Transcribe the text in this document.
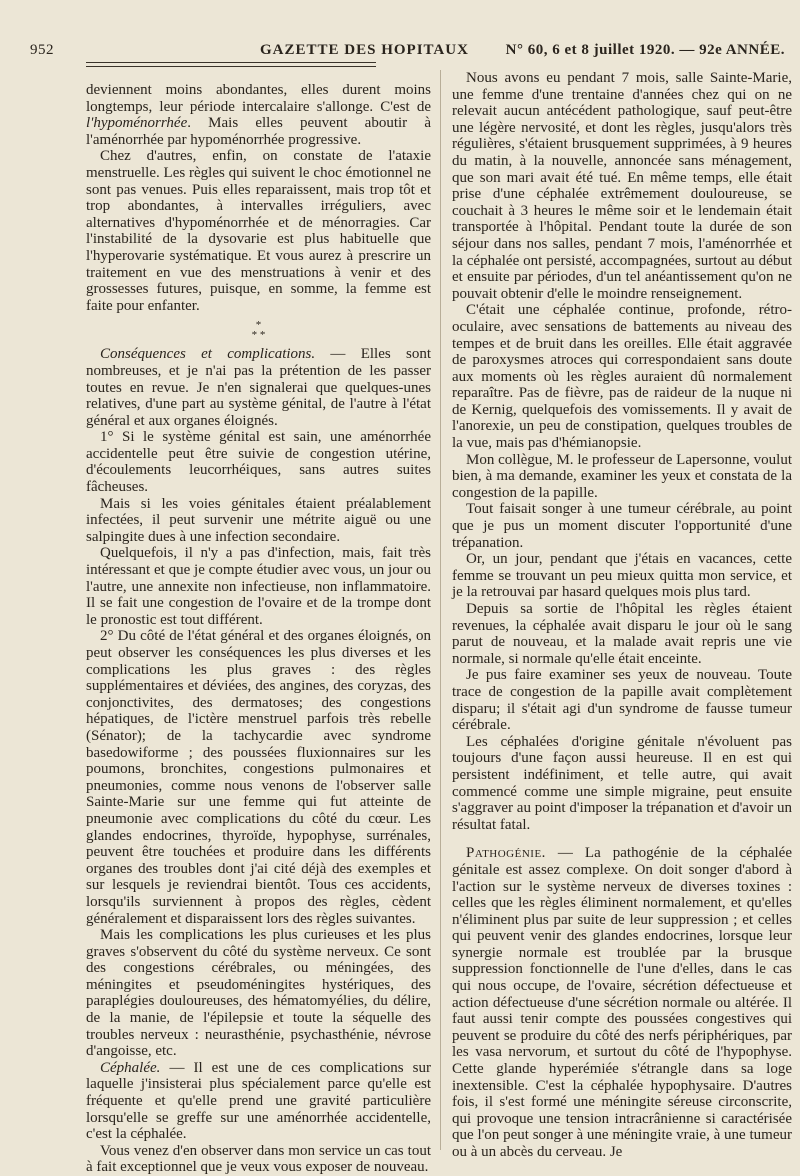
952	GAZETTE DES HOPITAUX N° 60, 6 et 8 juillet 1920. — 92e ANNÉE.

deviennent moins abondantes, elles durent moins longtemps, leur période intercalaire s'allonge. C'est de l'hypoménorrhée. Mais elles peuvent aboutir à l'aménorrhée par hypoménorrhée progressive.

Chez d'autres, enfin, on constate de l'ataxie menstruelle. Les règles qui suivent le choc émotionnel ne sont pas venues. Puis elles reparaissent, mais trop tôt et trop abondantes, à intervalles irréguliers, avec alternatives d'hypoménorrhée et de ménorragies. Car l'instabilité de la dysovarie est plus habituelle que l'hyperovarie systématique. Et vous aurez à prescrire un traitement en vue des menstruations à venir et des grossesses futures, puisque, en somme, la femme est faite pour enfanter.

*
* *

Conséquences et complications. — Elles sont nombreuses, et je n'ai pas la prétention de les passer toutes en revue. Je n'en signalerai que quelques-unes relatives, d'une part au système génital, de l'autre à l'état général et aux organes éloignés.

1° Si le système génital est sain, une aménorrhée accidentelle peut être suivie de congestion utérine, d'écoulements leucorrhéiques, sans autres suites fâcheuses.

Mais si les voies génitales étaient préalablement infectées, il peut survenir une métrite aiguë ou une salpingite dues à une infection secondaire.

Quelquefois, il n'y a pas d'infection, mais, fait très intéressant et que je compte étudier avec vous, un jour ou l'autre, une annexite non infectieuse, non inflammatoire. Il se fait une congestion de l'ovaire et de la trompe dont le pronostic est tout différent.

2° Du côté de l'état général et des organes éloignés, on peut observer les conséquences les plus diverses et les complications les plus graves : des règles supplémentaires et déviées, des angines, des coryzas, des conjonctivites, des dermatoses; des congestions hépatiques, de l'ictère menstruel parfois très rebelle (Sénator); de la tachycardie avec syndrome basedowiforme ; des poussées fluxionnaires sur les poumons, bronchites, congestions pulmonaires et pneumonies, comme nous venons de l'observer salle Sainte-Marie sur une femme qui fut atteinte de pneumonie avec complications du côté du cœur. Les glandes endocrines, thyroïde, hypophyse, surrénales, peuvent être touchées et produire dans les différents organes des troubles dont j'ai cité déjà des exemples et sur lesquels je reviendrai bientôt. Tous ces accidents, lorsqu'ils surviennent à propos des règles, cèdent généralement et disparaissent lors des règles suivantes.

Mais les complications les plus curieuses et les plus graves s'observent du côté du système nerveux. Ce sont des congestions cérébrales, ou méningées, des méningites et pseudoméningites hystériques, des paraplégies douloureuses, des hématomyélies, du délire, de la manie, de l'épilepsie et toute la séquelle des troubles nerveux : neurasthénie, psychasthénie, névrose d'angoisse, etc.

Céphalée. — Il est une de ces complications sur laquelle j'insisterai plus spécialement parce qu'elle est fréquente et qu'elle prend une gravité particulière lorsqu'elle se greffe sur une aménorrhée accidentelle, c'est la céphalée.

Vous venez d'en observer dans mon service un cas tout à fait exceptionnel que je veux vous exposer de nouveau.

Nous avons eu pendant 7 mois, salle Sainte-Marie, une femme d'une trentaine d'années chez qui on ne relevait aucun antécédent pathologique, sauf peut-être une légère nervosité, et dont les règles, jusqu'alors très régulières, s'étaient brusquement supprimées, à 9 heures du matin, à la nouvelle, annoncée sans ménagement, que son mari avait été tué. En même temps, elle était prise d'une céphalée extrêmement douloureuse, se couchait à 3 heures le même soir et le lendemain était transportée à l'hôpital. Pendant toute la durée de son séjour dans nos salles, pendant 7 mois, l'aménorrhée et la céphalée ont persisté, accompagnées, surtout au début et ensuite par périodes, d'un tel anéantissement qu'on ne pouvait obtenir d'elle le moindre renseignement.

C'était une céphalée continue, profonde, rétro-oculaire, avec sensations de battements au niveau des tempes et de bruit dans les oreilles. Elle était aggravée de paroxysmes atroces qui correspondaient sans doute aux moments où les règles auraient dû normalement reparaître. Pas de fièvre, pas de raideur de la nuque ni de Kernig, quelquefois des vomissements. Il y avait de l'anorexie, un peu de constipation, quelques troubles de la vue, mais pas d'hémianopsie.

Mon collègue, M. le professeur de Lapersonne, voulut bien, à ma demande, examiner les yeux et constata de la congestion de la papille.

Tout faisait songer à une tumeur cérébrale, au point que je pus un moment discuter l'opportunité d'une trépanation.

Or, un jour, pendant que j'étais en vacances, cette femme se trouvant un peu mieux quitta mon service, et je la retrouvai par hasard quelques mois plus tard.

Depuis sa sortie de l'hôpital les règles étaient revenues, la céphalée avait disparu le jour où le sang parut de nouveau, et la malade avait repris une vie normale, si normale qu'elle était enceinte.

Je pus faire examiner ses yeux de nouveau. Toute trace de congestion de la papille avait complètement disparu; il s'était agi d'un syndrome de fausse tumeur cérébrale.

Les céphalées d'origine génitale n'évoluent pas toujours d'une façon aussi heureuse. Il en est qui persistent indéfiniment, et telle autre, qui avait commencé comme une simple migraine, peut ensuite s'aggraver au point d'imposer la trépanation et d'avoir un résultat fatal.

Pathogénie. — La pathogénie de la céphalée génitale est assez complexe. On doit songer d'abord à l'action sur le système nerveux de diverses toxines : celles que les règles éliminent normalement, et qu'elles n'éliminent plus par suite de leur suppression ; et celles qui peuvent venir des glandes endocrines, lorsque leur synergie normale est troublée par la brusque suppression fonctionnelle de l'une d'elles, dans le cas qui nous occupe, de l'ovaire, sécrétion défectueuse et action défectueuse d'une sécrétion normale ou altérée. Il faut aussi tenir compte des poussées congestives qui peuvent se produire du côté des nerfs périphériques, par les vasa nervorum, et surtout du côté de l'hypophyse. Cette glande hyperémiée s'étrangle dans sa loge inextensible. C'est la céphalée hypophysaire. D'autres fois, il s'est formé une méningite séreuse circonscrite, qui provoque une tension intracrânienne si caractérisée que l'on peut songer à une méningite vraie, à une tumeur ou à un abcès du cerveau. Je
